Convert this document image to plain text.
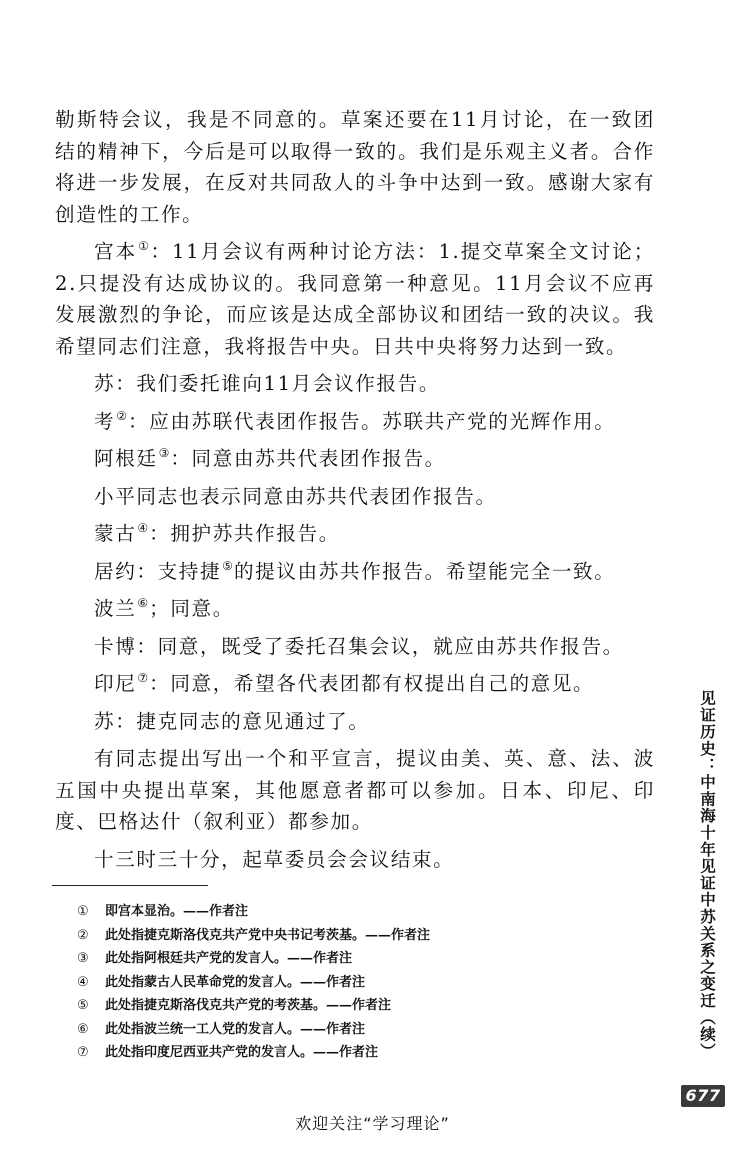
勒斯特会议，我是不同意的。草案还要在11月讨论，在一致团结的精神下，今后是可以取得一致的。我们是乐观主义者。合作将进一步发展，在反对共同敌人的斗争中达到一致。感谢大家有创造性的工作。

宫本①：11月会议有两种讨论方法：1.提交草案全文讨论；2.只提没有达成协议的。我同意第一种意见。11月会议不应再发展激烈的争论，而应该是达成全部协议和团结一致的决议。我希望同志们注意，我将报告中央。日共中央将努力达到一致。

苏：我们委托谁向11月会议作报告。

考②：应由苏联代表团作报告。苏联共产党的光辉作用。

阿根廷③：同意由苏共代表团作报告。

小平同志也表示同意由苏共代表团作报告。

蒙古④：拥护苏共作报告。

居约：支持捷⑤的提议由苏共作报告。希望能完全一致。

波兰⑥；同意。

卡博：同意，既受了委托召集会议，就应由苏共作报告。

印尼⑦：同意，希望各代表团都有权提出自己的意见。

苏：捷克同志的意见通过了。

有同志提出写出一个和平宣言，提议由美、英、意、法、波五国中央提出草案，其他愿意者都可以参加。日本、印尼、印度、巴格达什（叙利亚）都参加。

十三时三十分，起草委员会会议结束。

① 即宫本显治。——作者注
② 此处指捷克斯洛伐克共产党中央书记考茨基。——作者注
③ 此处指阿根廷共产党的发言人。——作者注
④ 此处指蒙古人民革命党的发言人。——作者注
⑤ 此处指捷克斯洛伐克共产党的考茨基。——作者注
⑥ 此处指波兰统一工人党的发言人。——作者注
⑦ 此处指印度尼西亚共产党的发言人。——作者注	见证历史：中南海十年见证中苏关系之变迁（续）
677
欢迎关注“学习理论”
